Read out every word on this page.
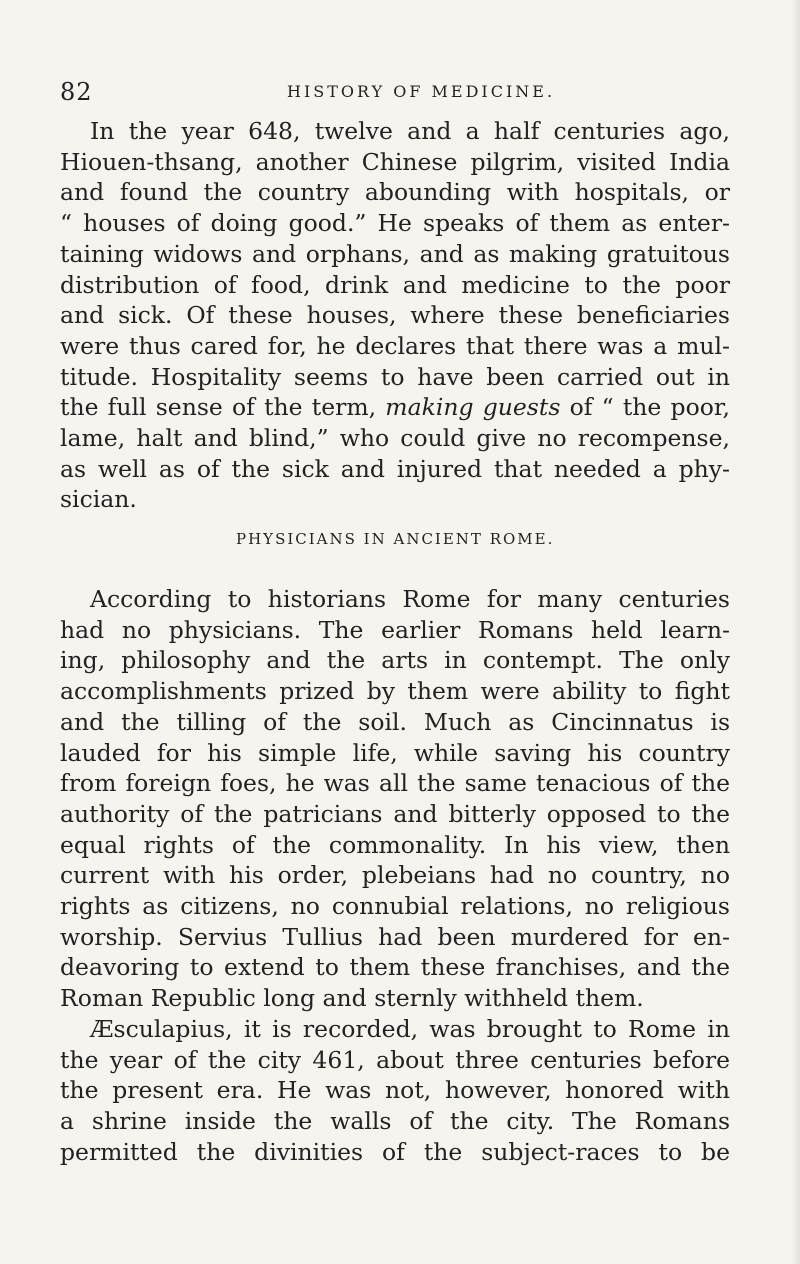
82	HISTORY OF MEDICINE.
In the year 648, twelve and a half centuries ago,
Hiouen-thsang, another Chinese pilgrim, visited India
and found the country abounding with hospitals, or
“ houses of doing good.” He speaks of them as enter-
taining widows and orphans, and as making gratuitous
distribution of food, drink and medicine to the poor
and sick. Of these houses, where these beneficiaries
were thus cared for, he declares that there was a mul-
titude. Hospitality seems to have been carried out in
the full sense of the term, making guests of “ the poor,
lame, halt and blind,” who could give no recompense,
as well as of the sick and injured that needed a phy-
sician.
PHYSICIANS IN ANCIENT ROME.
According to historians Rome for many centuries
had no physicians. The earlier Romans held learn-
ing, philosophy and the arts in contempt. The only
accomplishments prized by them were ability to fight
and the tilling of the soil. Much as Cincinnatus is
lauded for his simple life, while saving his country
from foreign foes, he was all the same tenacious of the
authority of the patricians and bitterly opposed to the
equal rights of the commonality. In his view, then
current with his order, plebeians had no country, no
rights as citizens, no connubial relations, no religious
worship. Servius Tullius had been murdered for en-
deavoring to extend to them these franchises, and the
Roman Republic long and sternly withheld them.
Æsculapius, it is recorded, was brought to Rome in
the year of the city 461, about three centuries before
the present era. He was not, however, honored with
a shrine inside the walls of the city. The Romans
permitted the divinities of the subject-races to be
